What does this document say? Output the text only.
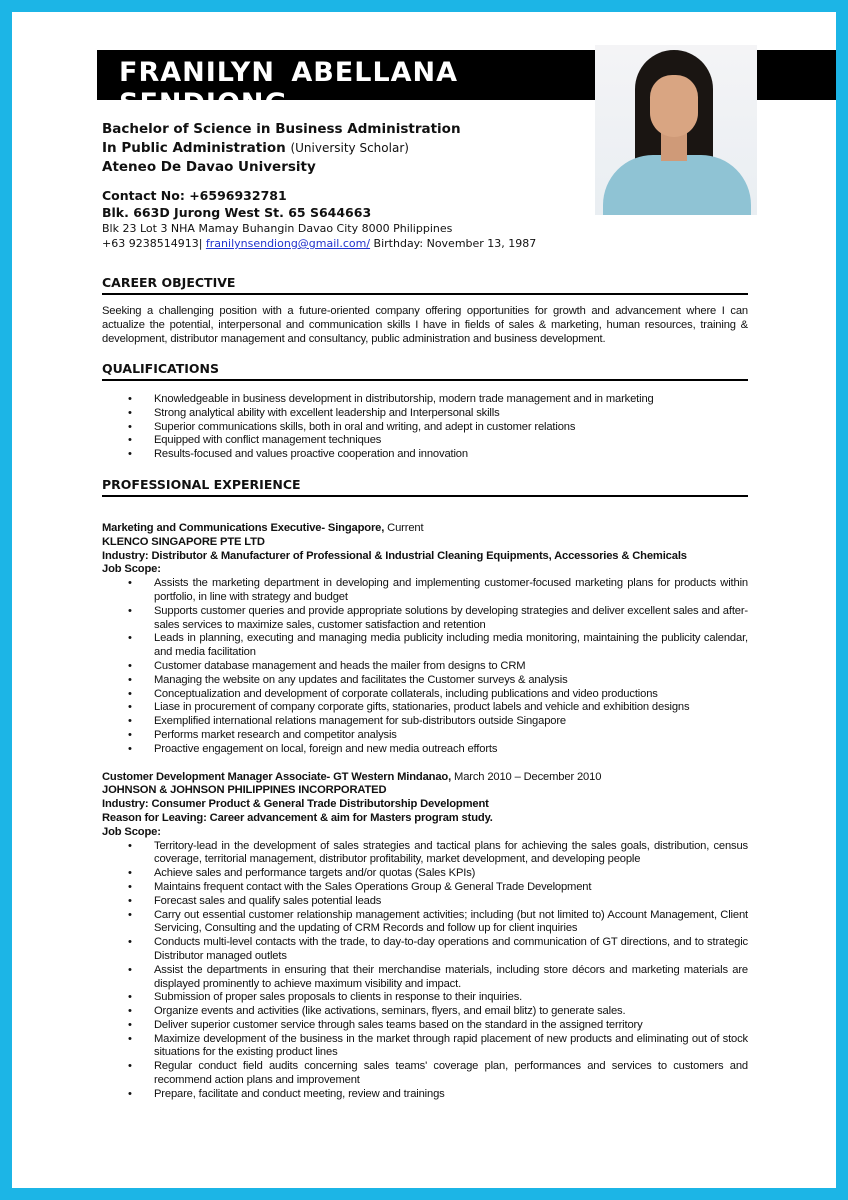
FRANILYN ABELLANA SENDIONG
Bachelor of Science in Business Administration
In Public Administration (University Scholar)
Ateneo De Davao University
Contact No: +6596932781
Blk. 663D Jurong West St. 65 S644663
Blk 23 Lot 3 NHA Mamay Buhangin Davao City 8000 Philippines
+63 9238514913| franilynsendiong@gmail.com/ Birthday: November 13, 1987
CAREER OBJECTIVE
Seeking a challenging position with a future-oriented company offering opportunities for growth and advancement where I can actualize the potential, interpersonal and communication skills I have in fields of sales & marketing, human resources, training & development, distributor management and consultancy, public administration and business development.
QUALIFICATIONS
• Knowledgeable in business development in distributorship, modern trade management and in marketing
• Strong analytical ability with excellent leadership and Interpersonal skills
• Superior communications skills, both in oral and writing, and adept in customer relations
• Equipped with conflict management techniques
• Results-focused and values proactive cooperation and innovation
PROFESSIONAL EXPERIENCE
Marketing and Communications Executive- Singapore, Current
KLENCO SINGAPORE PTE LTD
Industry: Distributor & Manufacturer of Professional & Industrial Cleaning Equipments, Accessories & Chemicals
Job Scope:
• Assists the marketing department in developing and implementing customer-focused marketing plans for products within portfolio, in line with strategy and budget
• Supports customer queries and provide appropriate solutions by developing strategies and deliver excellent sales and after-sales services to maximize sales, customer satisfaction and retention
• Leads in planning, executing and managing media publicity including media monitoring, maintaining the publicity calendar, and media facilitation
• Customer database management and heads the mailer from designs to CRM
• Managing the website on any updates and facilitates the Customer surveys & analysis
• Conceptualization and development of corporate collaterals, including publications and video productions
• Liase in procurement of company corporate gifts, stationaries, product labels and vehicle and exhibition designs
• Exemplified international relations management for sub-distributors outside Singapore
• Performs market research and competitor analysis
• Proactive engagement on local, foreign and new media outreach efforts
Customer Development Manager Associate- GT Western Mindanao, March 2010 – December 2010
JOHNSON & JOHNSON PHILIPPINES INCORPORATED
Industry: Consumer Product & General Trade Distributorship Development
Reason for Leaving: Career advancement & aim for Masters program study.
Job Scope:
• Territory-lead in the development of sales strategies and tactical plans for achieving the sales goals, distribution, census coverage, territorial management, distributor profitability, market development, and developing people
• Achieve sales and performance targets and/or quotas (Sales KPIs)
• Maintains frequent contact with the Sales Operations Group & General Trade Development
• Forecast sales and qualify sales potential leads
• Carry out essential customer relationship management activities; including (but not limited to) Account Management, Client Servicing, Consulting and the updating of CRM Records and follow up for client inquiries
• Conducts multi-level contacts with the trade, to day-to-day operations and communication of GT directions, and to strategic Distributor managed outlets
• Assist the departments in ensuring that their merchandise materials, including store décors and marketing materials are displayed prominently to achieve maximum visibility and impact.
• Submission of proper sales proposals to clients in response to their inquiries.
• Organize events and activities (like activations, seminars, flyers, and email blitz) to generate sales.
• Deliver superior customer service through sales teams based on the standard in the assigned territory
• Maximize development of the business in the market through rapid placement of new products and eliminating out of stock situations for the existing product lines
• Regular conduct field audits concerning sales teams' coverage plan, performances and services to customers and recommend action plans and improvement
• Prepare, facilitate and conduct meeting, review and trainings
